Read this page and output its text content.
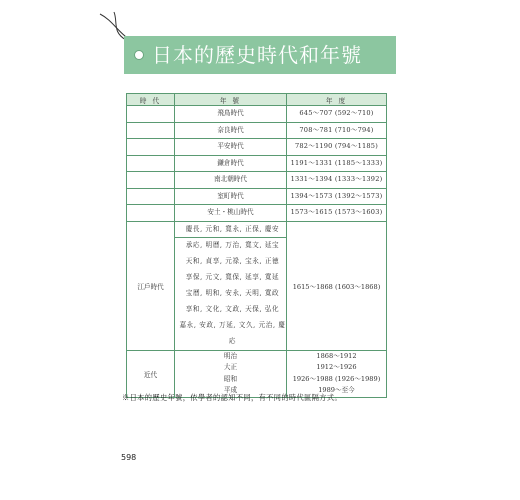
日本的歷史時代和年號
時 代	年 號	年 度
	飛鳥時代	645～707 (592～710)
	奈良時代	708～781 (710～794)
	平安時代	782～1190 (794～1185)
	鎌倉時代	1191～1331 (1185～1333)
	南北朝時代	1331～1394 (1333～1392)
	室町時代	1394～1573 (1392～1573)
	安土・桃山時代	1573～1615 (1573～1603)
江戶時代	慶長, 元和, 寬永, 正保, 慶安	1615～1868 (1603～1868)
	承応, 明曆, 万治, 寬文, 延宝	
	天和, 貞享, 元祿, 宝永, 正徳	
	享保, 元文, 寬保, 延享, 寬延	
	宝曆, 明和, 安永, 天明, 寬政	
	享和, 文化, 文政, 天保, 弘化	
	嘉永, 安政, 万延, 文久, 元治, 慶応	
近代	明治	1868～1912
	大正	1912～1926
	昭和	1926～1988 (1926～1989)
	平成	1989～至今
※日本的歷史年號，依學者的認知不同，有不同的時代區隔方式。
598
